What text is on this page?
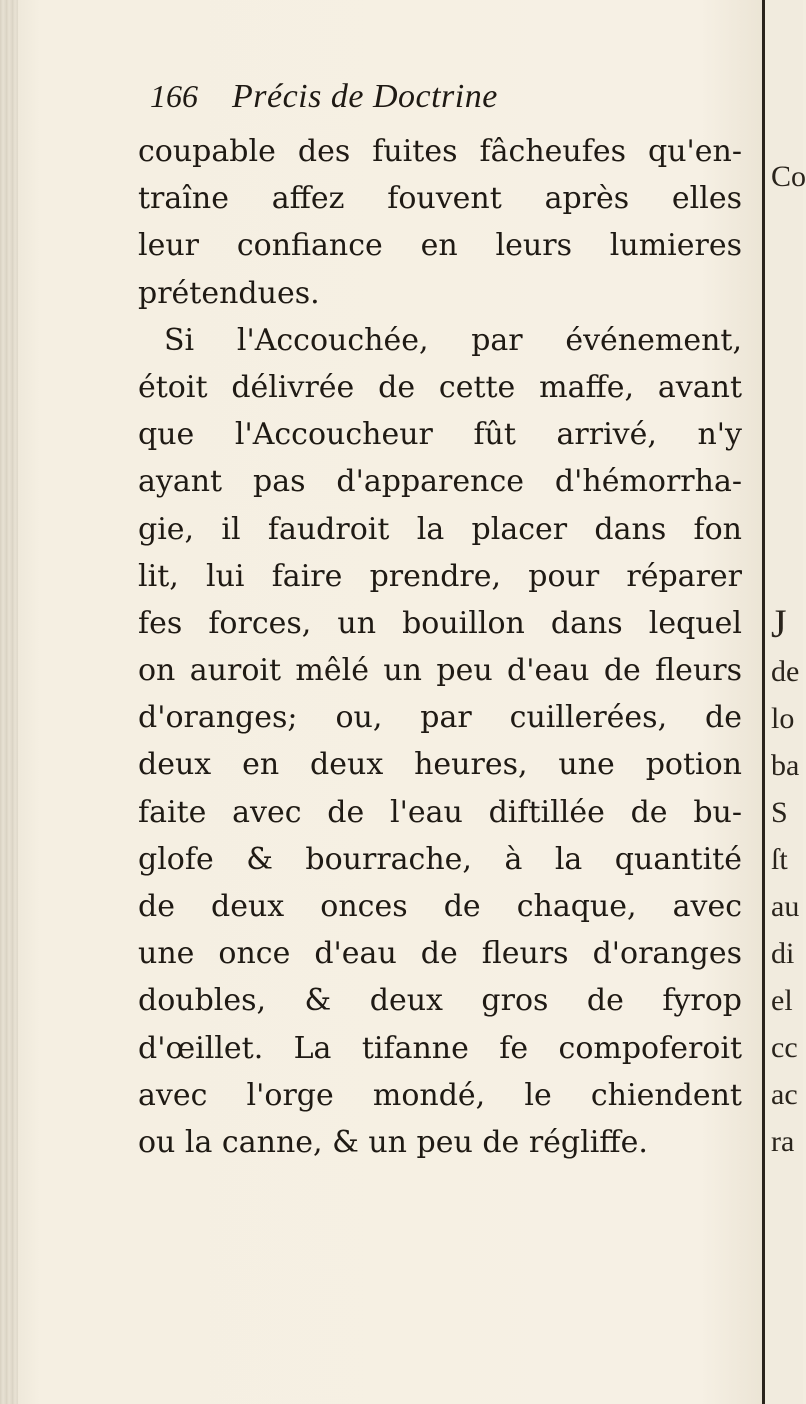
166 Précis de Doctrine
coupable des fuites fâcheufes qu'en-
traîne affez fouvent après elles
leur confiance en leurs lumieres
prétendues.
Si l'Accouchée, par événement,
étoit délivrée de cette maffe, avant
que l'Accoucheur fût arrivé, n'y
ayant pas d'apparence d'hémorrha-
gie, il faudroit la placer dans fon
lit, lui faire prendre, pour réparer
fes forces, un bouillon dans lequel
on auroit mêlé un peu d'eau de fleurs
d'oranges; ou, par cuillerées, de
deux en deux heures, une potion
faite avec de l'eau diftillée de bu-
glofe & bourrache, à la quantité
de deux onces de chaque, avec
une once d'eau de fleurs d'oranges
doubles, & deux gros de fyrop
d'œillet. La tifanne fe compoferoit
avec l'orge mondé, le chiendent
ou la canne, & un peu de régliffe.
Co
J
de
lo
ba
S
ſt
au
di
el
cc
ac
ra
